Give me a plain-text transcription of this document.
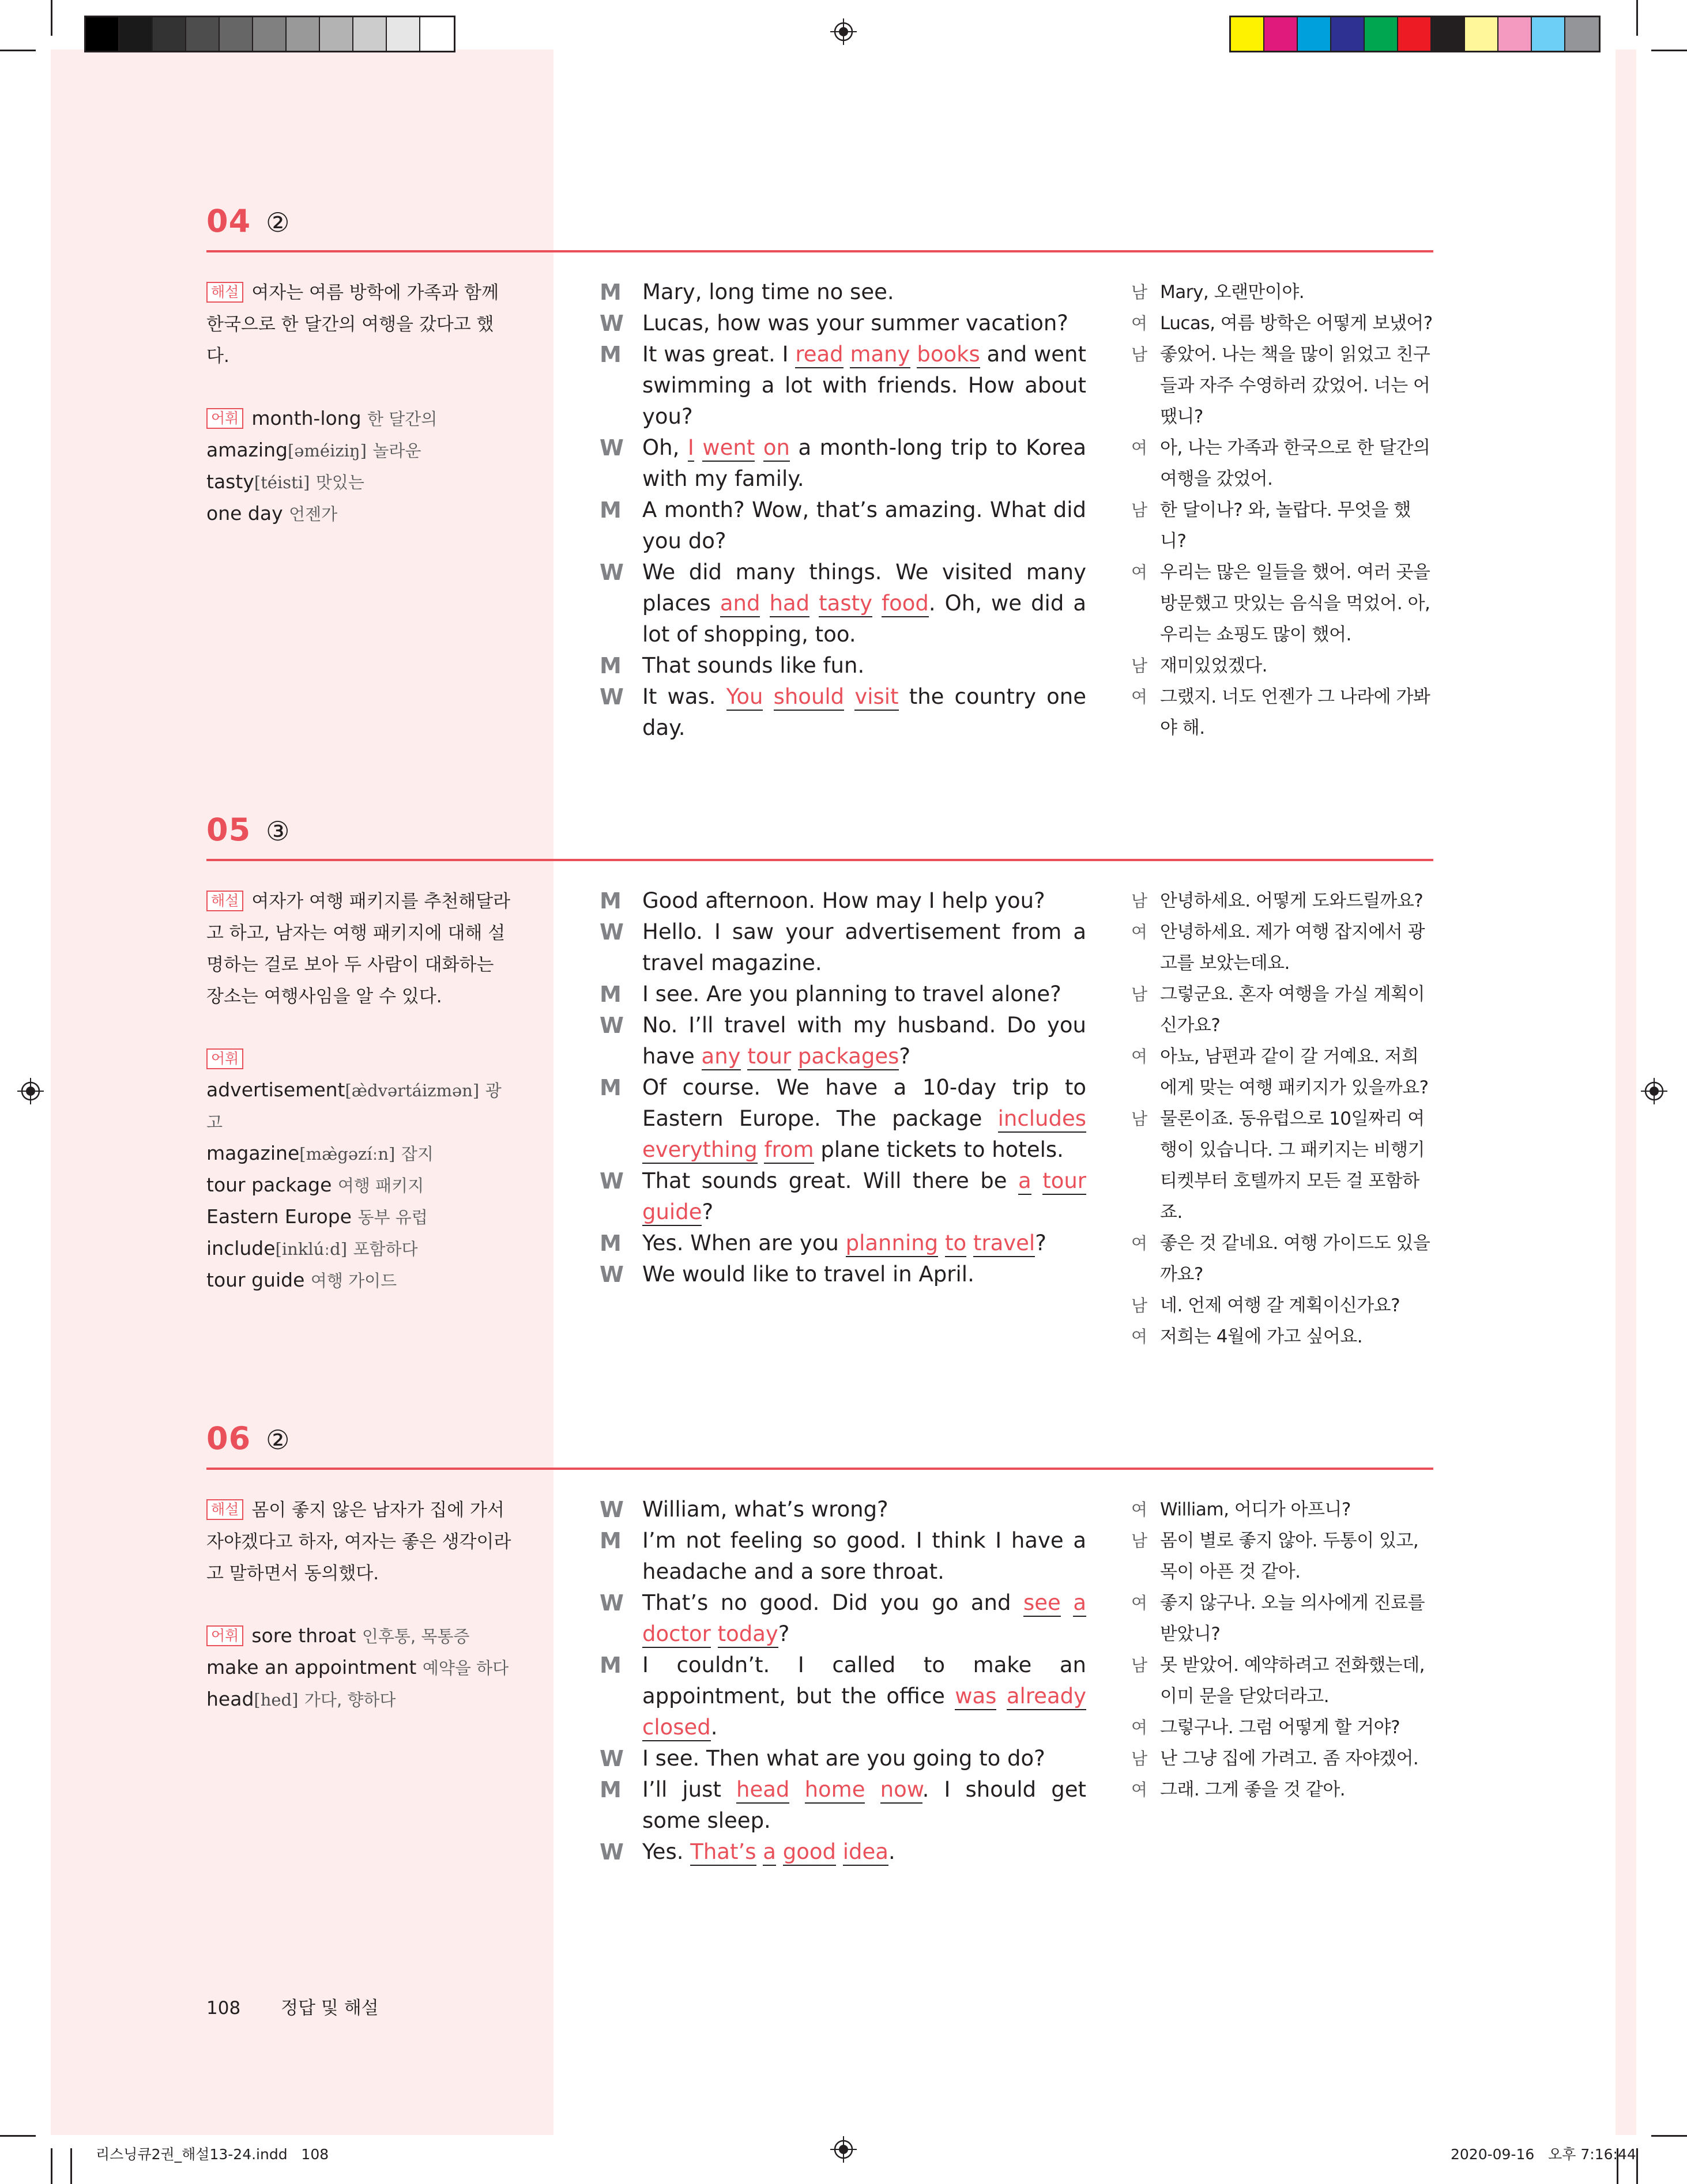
04 ②

해설 여자는 여름 방학에 가족과 함께 한국으로 한 달간의 여행을 갔다고 했다.

어휘 month-long 한 달간의

amazing[əméiziŋ] 놀라운

tasty[téisti] 맛있는

one day 언젠가

M Mary, long time no see.
W Lucas, how was your summer vacation?
M It was great. I read many books and went swimming a lot with friends. How about you?
W Oh, I went on a month-long trip to Korea with my family.
M A month? Wow, that’s amazing. What did you do?
W We did many things. We visited many places and had tasty food. Oh, we did a lot of shopping, too.
M That sounds like fun.
W It was. You should visit the country one day.
남 Mary, 오랜만이야.
여 Lucas, 여름 방학은 어떻게 보냈어?
남 좋았어. 나는 책을 많이 읽었고 친구들과 자주 수영하러 갔었어. 너는 어땠니?
여 아, 나는 가족과 한국으로 한 달간의 여행을 갔었어.
남 한 달이나? 와, 놀랍다. 무엇을 했니?
여 우리는 많은 일들을 했어. 여러 곳을 방문했고 맛있는 음식을 먹었어. 아, 우리는 쇼핑도 많이 했어.
남 재미있었겠다.
여 그랬지. 너도 언젠가 그 나라에 가봐야 해.
05 ③

해설 여자가 여행 패키지를 추천해달라고 하고, 남자는 여행 패키지에 대해 설명하는 걸로 보아 두 사람이 대화하는 장소는 여행사임을 알 수 있다.

어휘advertisement[ӕ̀dvərtáizmən] 광고

magazine[mӕ̀gəzíːn] 잡지

tour package 여행 패키지

Eastern Europe 동부 유럽

include[inklúːd] 포함하다

tour guide 여행 가이드

M Good afternoon. How may I help you?
W Hello. I saw your advertisement from a travel magazine.
M I see. Are you planning to travel alone?
W No. I’ll travel with my husband. Do you have any tour packages?
M Of course. We have a 10-day trip to Eastern Europe. The package includes everything from plane tickets to hotels.
W That sounds great. Will there be a tour guide?
M Yes. When are you planning to travel?
W We would like to travel in April.
남 안녕하세요. 어떻게 도와드릴까요?
여 안녕하세요. 제가 여행 잡지에서 광고를 보았는데요.
남 그렇군요. 혼자 여행을 가실 계획이신가요?
여 아뇨, 남편과 같이 갈 거예요. 저희에게 맞는 여행 패키지가 있을까요?
남 물론이죠. 동유럽으로 10일짜리 여행이 있습니다. 그 패키지는 비행기 티켓부터 호텔까지 모든 걸 포함하죠.
여 좋은 것 같네요. 여행 가이드도 있을까요?
남 네. 언제 여행 갈 계획이신가요?
여 저희는 4월에 가고 싶어요.
06 ②

해설 몸이 좋지 않은 남자가 집에 가서 자야겠다고 하자, 여자는 좋은 생각이라고 말하면서 동의했다.

어휘 sore throat 인후통, 목통증

make an appointment 예약을 하다

head[hed] 가다, 향하다

W William, what’s wrong?
M I’m not feeling so good. I think I have a headache and a sore throat.
W That’s no good. Did you go and see a doctor today?
M I couldn’t. I called to make an appointment, but the office was already closed.
W I see. Then what are you going to do?
M I’ll just head home now. I should get some sleep.
W Yes. That’s a good idea.
여 William, 어디가 아프니?
남 몸이 별로 좋지 않아. 두통이 있고, 목이 아픈 것 같아.
여 좋지 않구나. 오늘 의사에게 진료를 받았니?
남 못 받았어. 예약하려고 전화했는데, 이미 문을 닫았더라고.
여 그렇구나. 그럼 어떻게 할 거야?
남 난 그냥 집에 가려고. 좀 자야겠어.
여 그래. 그게 좋을 것 같아.
108 정답 및 해설
리스닝큐2권_해설13-24.indd   108	2020-09-16   오후 7:16:44
